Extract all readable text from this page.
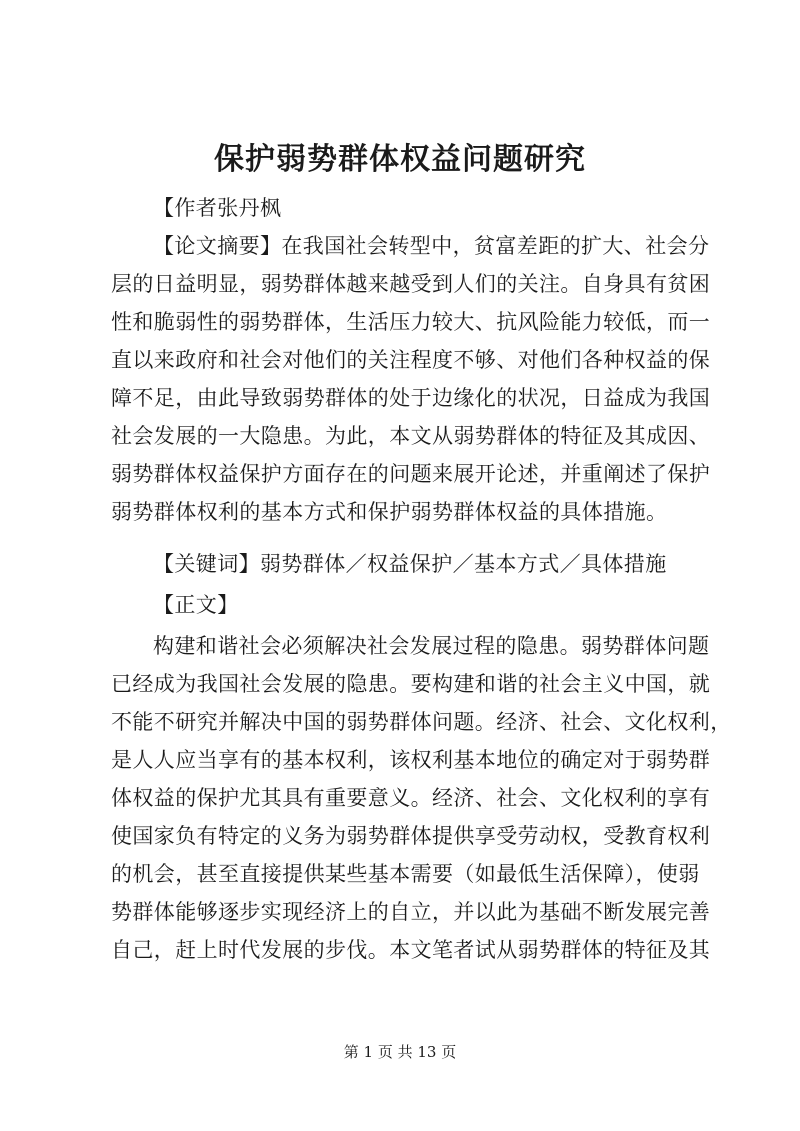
保护弱势群体权益问题研究
【作者张丹枫
【论文摘要】在我国社会转型中，贫富差距的扩大、社会分
层的日益明显，弱势群体越来越受到人们的关注。自身具有贫困
性和脆弱性的弱势群体，生活压力较大、抗风险能力较低，而一
直以来政府和社会对他们的关注程度不够、对他们各种权益的保
障不足，由此导致弱势群体的处于边缘化的状况，日益成为我国
社会发展的一大隐患。为此，本文从弱势群体的特征及其成因、
弱势群体权益保护方面存在的问题来展开论述，并重阐述了保护
弱势群体权利的基本方式和保护弱势群体权益的具体措施。
【关键词】弱势群体／权益保护／基本方式／具体措施
【正文】
构建和谐社会必须解决社会发展过程的隐患。弱势群体问题
已经成为我国社会发展的隐患。要构建和谐的社会主义中国，就
不能不研究并解决中国的弱势群体问题。经济、社会、文化权利，
是人人应当享有的基本权利，该权利基本地位的确定对于弱势群
体权益的保护尤其具有重要意义。经济、社会、文化权利的享有
使国家负有特定的义务为弱势群体提供享受劳动权，受教育权利
的机会，甚至直接提供某些基本需要（如最低生活保障），使弱
势群体能够逐步实现经济上的自立，并以此为基础不断发展完善
自己，赶上时代发展的步伐。本文笔者试从弱势群体的特征及其
第 1 页 共 13 页
